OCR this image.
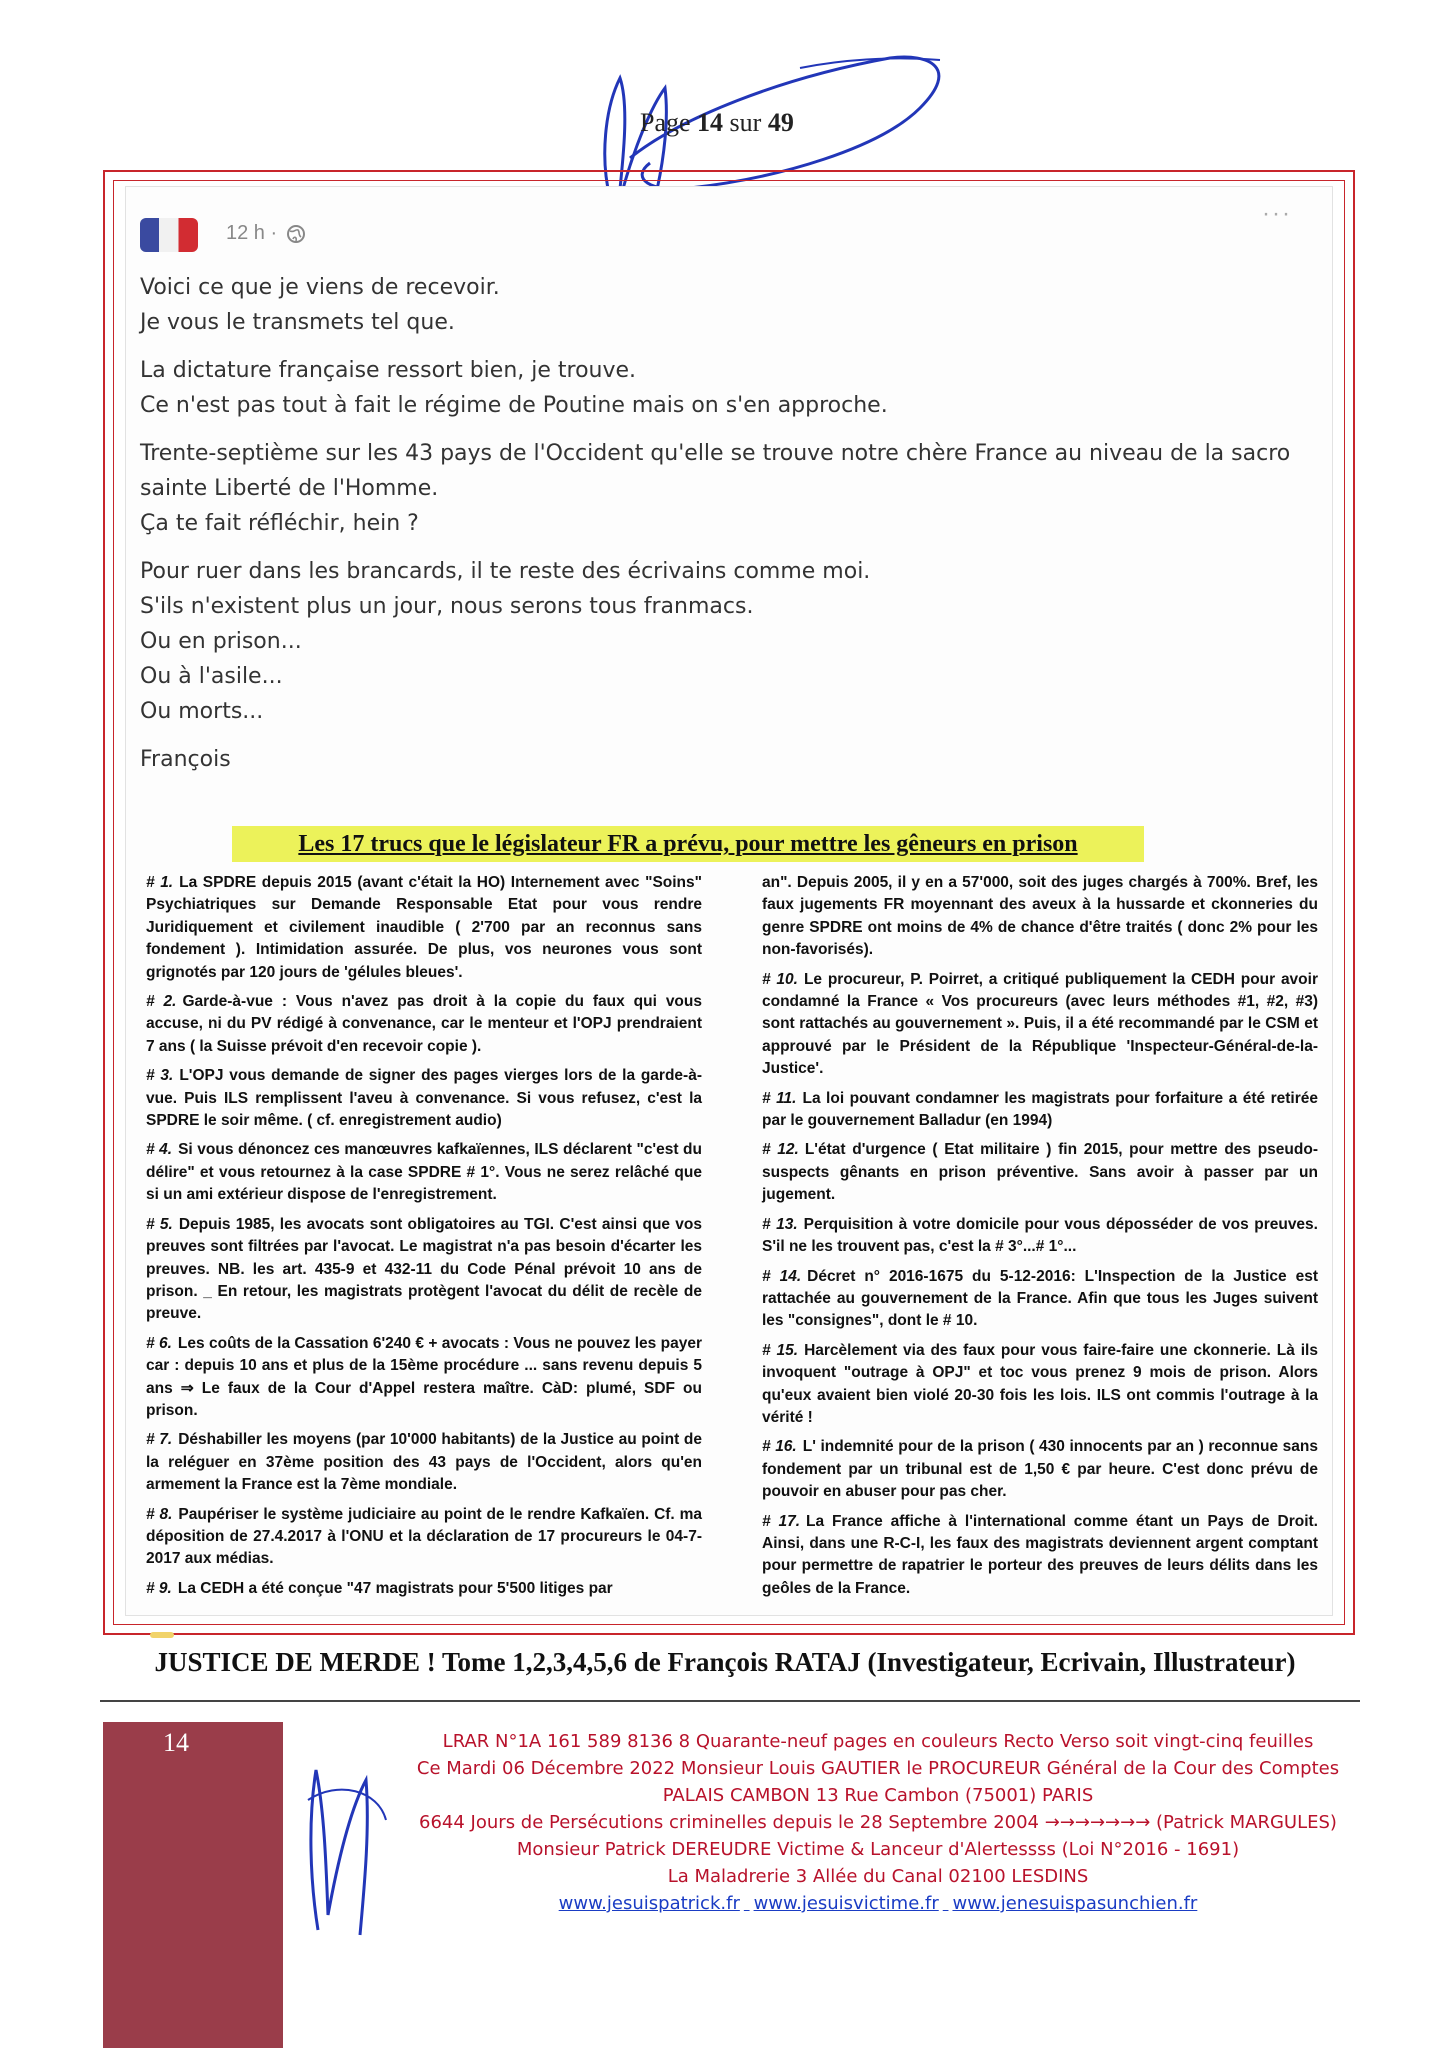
Page 14 sur 49
12 h ·
···

Voici ce que je viens de recevoir.
Je vous le transmets tel que.

La dictature française ressort bien, je trouve.
Ce n'est pas tout à fait le régime de Poutine mais on s'en approche.

Trente-septième sur les 43 pays de l'Occident qu'elle se trouve notre chère France au niveau de la sacro sainte Liberté de l'Homme.
Ça te fait réfléchir, hein ?

Pour ruer dans les brancards, il te reste des écrivains comme moi.
S'ils n'existent plus un jour, nous serons tous franmacs.
Ou en prison...
Ou à l'asile...
Ou morts...

François

Les 17 trucs que le législateur FR a prévu, pour mettre les gêneurs en prison
# 1. La SPDRE depuis 2015 (avant c'était la HO) Internement avec "Soins" Psychiatriques sur Demande Responsable Etat pour vous rendre Juridiquement et civilement inaudible ( 2'700 par an reconnus sans fondement ). Intimidation assurée. De plus, vos neurones vous sont grignotés par 120 jours de 'gélules bleues'.
# 2. Garde-à-vue : Vous n'avez pas droit à la copie du faux qui vous accuse, ni du PV rédigé à convenance, car le menteur et l'OPJ prendraient 7 ans ( la Suisse prévoit d'en recevoir copie ).
# 3. L'OPJ vous demande de signer des pages vierges lors de la garde-à-vue. Puis ILS remplissent l'aveu à convenance. Si vous refusez, c'est la SPDRE le soir même. ( cf. enregistrement audio)
# 4. Si vous dénoncez ces manœuvres kafkaïennes, ILS déclarent "c'est du délire" et vous retournez à la case SPDRE # 1°. Vous ne serez relâché que si un ami extérieur dispose de l'enregistrement.
# 5. Depuis 1985, les avocats sont obligatoires au TGI. C'est ainsi que vos preuves sont filtrées par l'avocat. Le magistrat n'a pas besoin d'écarter les preuves. NB. les art. 435-9 et 432-11 du Code Pénal prévoit 10 ans de prison. _ En retour, les magistrats protègent l'avocat du délit de recèle de preuve.
# 6. Les coûts de la Cassation 6'240 € + avocats : Vous ne pouvez les payer car : depuis 10 ans et plus de la 15ème procédure ... sans revenu depuis 5 ans ⇒ Le faux de la Cour d'Appel restera maître. CàD: plumé, SDF ou prison.
# 7. Déshabiller les moyens (par 10'000 habitants) de la Justice au point de la reléguer en 37ème position des 43 pays de l'Occident, alors qu'en armement la France est la 7ème mondiale.
# 8. Paupériser le système judiciaire au point de le rendre Kafkaïen. Cf. ma déposition de 27.4.2017 à l'ONU et la déclaration de 17 procureurs le 04-7-2017 aux médias.
# 9. La CEDH a été conçue "47 magistrats pour 5'500 litiges par
an". Depuis 2005, il y en a 57'000, soit des juges chargés à 700%. Bref, les faux jugements FR moyennant des aveux à la hussarde et ckonneries du genre SPDRE ont moins de 4% de chance d'être traités ( donc 2% pour les non-favorisés).
# 10. Le procureur, P. Poirret, a critiqué publiquement la CEDH pour avoir condamné la France « Vos procureurs (avec leurs méthodes #1, #2, #3) sont rattachés au gouvernement ». Puis, il a été recommandé par le CSM et approuvé par le Président de la République 'Inspecteur-Général-de-la-Justice'.
# 11. La loi pouvant condamner les magistrats pour forfaiture a été retirée par le gouvernement Balladur (en 1994)
# 12. L'état d'urgence ( Etat militaire ) fin 2015, pour mettre des pseudo-suspects gênants en prison préventive. Sans avoir à passer par un jugement.
# 13. Perquisition à votre domicile pour vous déposséder de vos preuves. S'il ne les trouvent pas, c'est la # 3°...# 1°...
# 14. Décret n° 2016-1675 du 5-12-2016: L'Inspection de la Justice est rattachée au gouvernement de la France. Afin que tous les Juges suivent les "consignes", dont le # 10.
# 15. Harcèlement via des faux pour vous faire-faire une ckonnerie. Là ils invoquent "outrage à OPJ" et toc vous prenez 9 mois de prison. Alors qu'eux avaient bien violé 20-30 fois les lois. ILS ont commis l'outrage à la vérité !
# 16. L' indemnité pour de la prison ( 430 innocents par an ) reconnue sans fondement par un tribunal est de 1,50 € par heure. C'est donc prévu de pouvoir en abuser pour pas cher.
# 17. La France affiche à l'international comme étant un Pays de Droit. Ainsi, dans une R-C-I, les faux des magistrats deviennent argent comptant pour permettre de rapatrier le porteur des preuves de leurs délits dans les geôles de la France.
JUSTICE DE MERDE ! Tome 1,2,3,4,5,6 de François RATAJ (Investigateur, Ecrivain, Illustrateur)
14	LRAR N°1A 161 589 8136 8 Quarante-neuf pages en couleurs Recto Verso soit vingt-cinq feuilles
Ce Mardi 06 Décembre 2022 Monsieur Louis GAUTIER le PROCUREUR Général de la Cour des Comptes
PALAIS CAMBON 13 Rue Cambon (75001) PARIS
6644 Jours de Persécutions criminelles depuis le 28 Septembre 2004 →→→→→→→ (Patrick MARGULES)
Monsieur Patrick DEREUDRE Victime & Lanceur d'Alertessss (Loi N°2016 - 1691)
La Maladrerie 3 Allée du Canal 02100 LESDINS
www.jesuispatrick.fr www.jesuisvictime.fr www.jenesuispasunchien.fr
